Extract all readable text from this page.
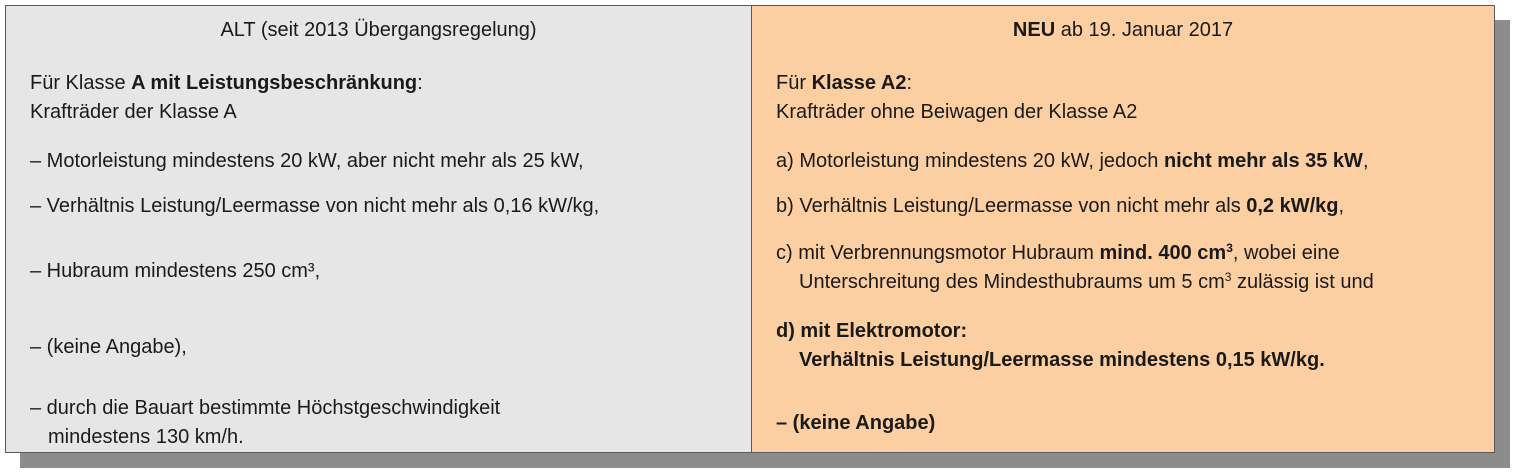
ALT (seit 2013 Übergangsregelung)
Für Klasse A mit Leistungsbeschränkung:
Krafträder der Klasse A
– Motorleistung mindestens 20 kW, aber nicht mehr als 25 kW,
– Verhältnis Leistung/Leermasse von nicht mehr als 0,16 kW/kg,
– Hubraum mindestens 250 cm³,
– (keine Angabe),
– durch die Bauart bestimmte Höchstgeschwindigkeit
mindestens 130 km/h.
NEU ab 19. Januar 2017
Für Klasse A2:
Krafträder ohne Beiwagen der Klasse A2
a) Motorleistung mindestens 20 kW, jedoch nicht mehr als 35 kW,
b) Verhältnis Leistung/Leermasse von nicht mehr als 0,2 kW/kg,
c) mit Verbrennungsmotor Hubraum mind. 400 $cm^3$, wobei eine
Unterschreitung des Mindesthubraums um 5 $cm^3$ zulässig ist und
d) mit Elektromotor:
Verhältnis Leistung/Leermasse mindestens 0,15 kW/kg.
– (keine Angabe)
